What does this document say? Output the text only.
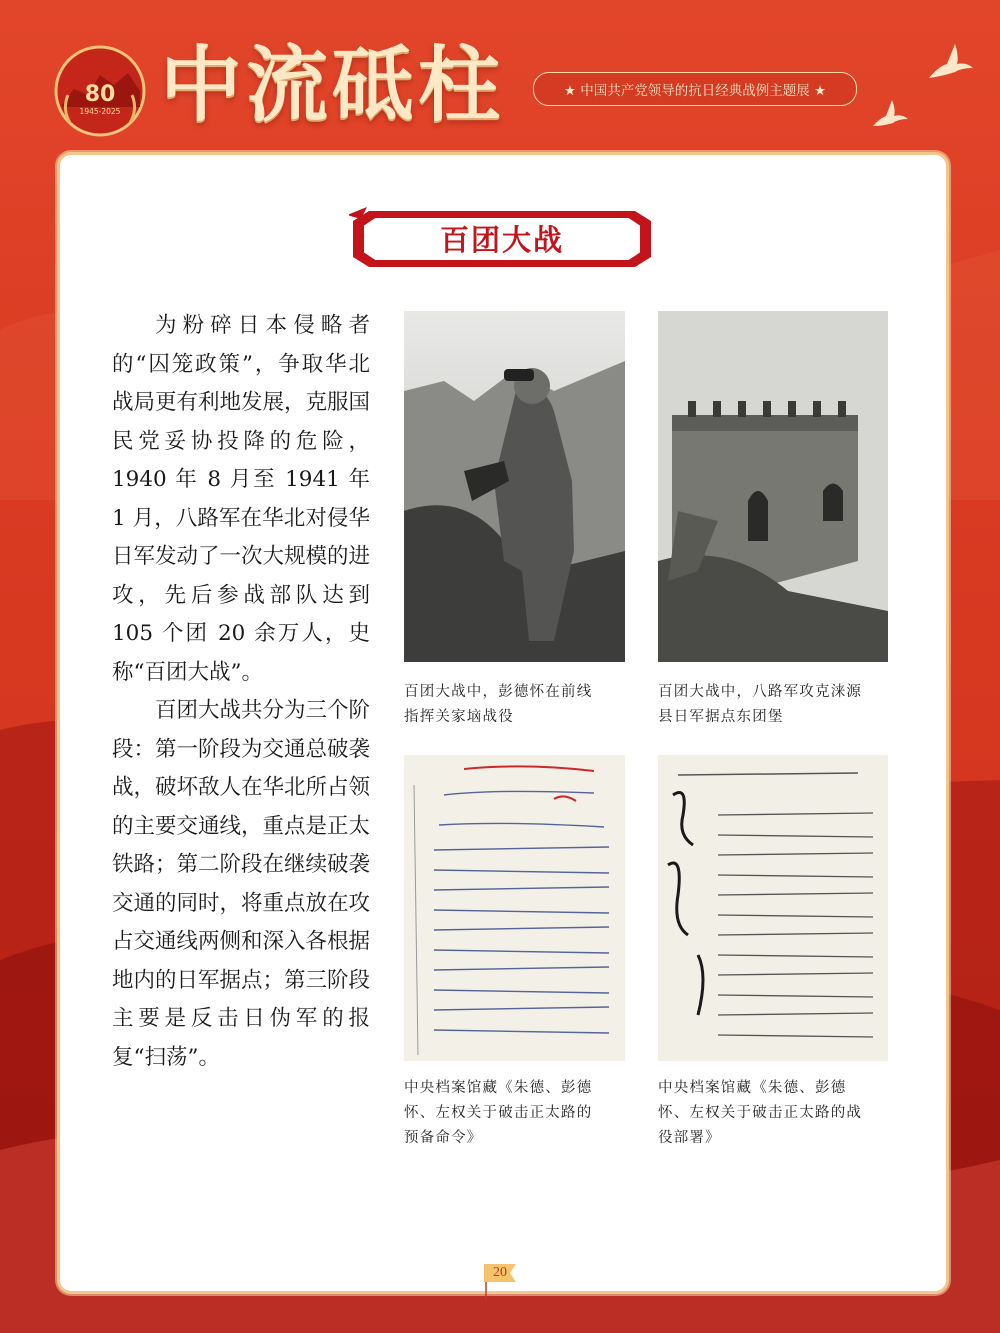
80
1945-2025 中流砥柱	★ 中国共产党领导的抗日经典战例主题展 ★
百团大战

为粉碎日本侵略者的“囚笼政策”，争取华北战局更有利地发展，克服国民党妥协投降的危险，1940 年 8 月至 1941 年 1 月，八路军在华北对侵华日军发动了一次大规模的进攻，先后参战部队达到 105 个团 20 余万人，史称“百团大战”。

百团大战共分为三个阶段：第一阶段为交通总破袭战，破坏敌人在华北所占领的主要交通线，重点是正太铁路；第二阶段在继续破袭交通的同时，将重点放在攻占交通线两侧和深入各根据地内的日军据点；第三阶段主要是反击日伪军的报复“扫荡”。

百团大战中，彭德怀在前线
指挥关家垴战役
百团大战中，八路军攻克涞源
县日军据点东团堡
中央档案馆藏《朱德、彭德
怀、左权关于破击正太路的
预备命令》
中央档案馆藏《朱德、彭德
怀、左权关于破击正太路的战
役部署》
20
